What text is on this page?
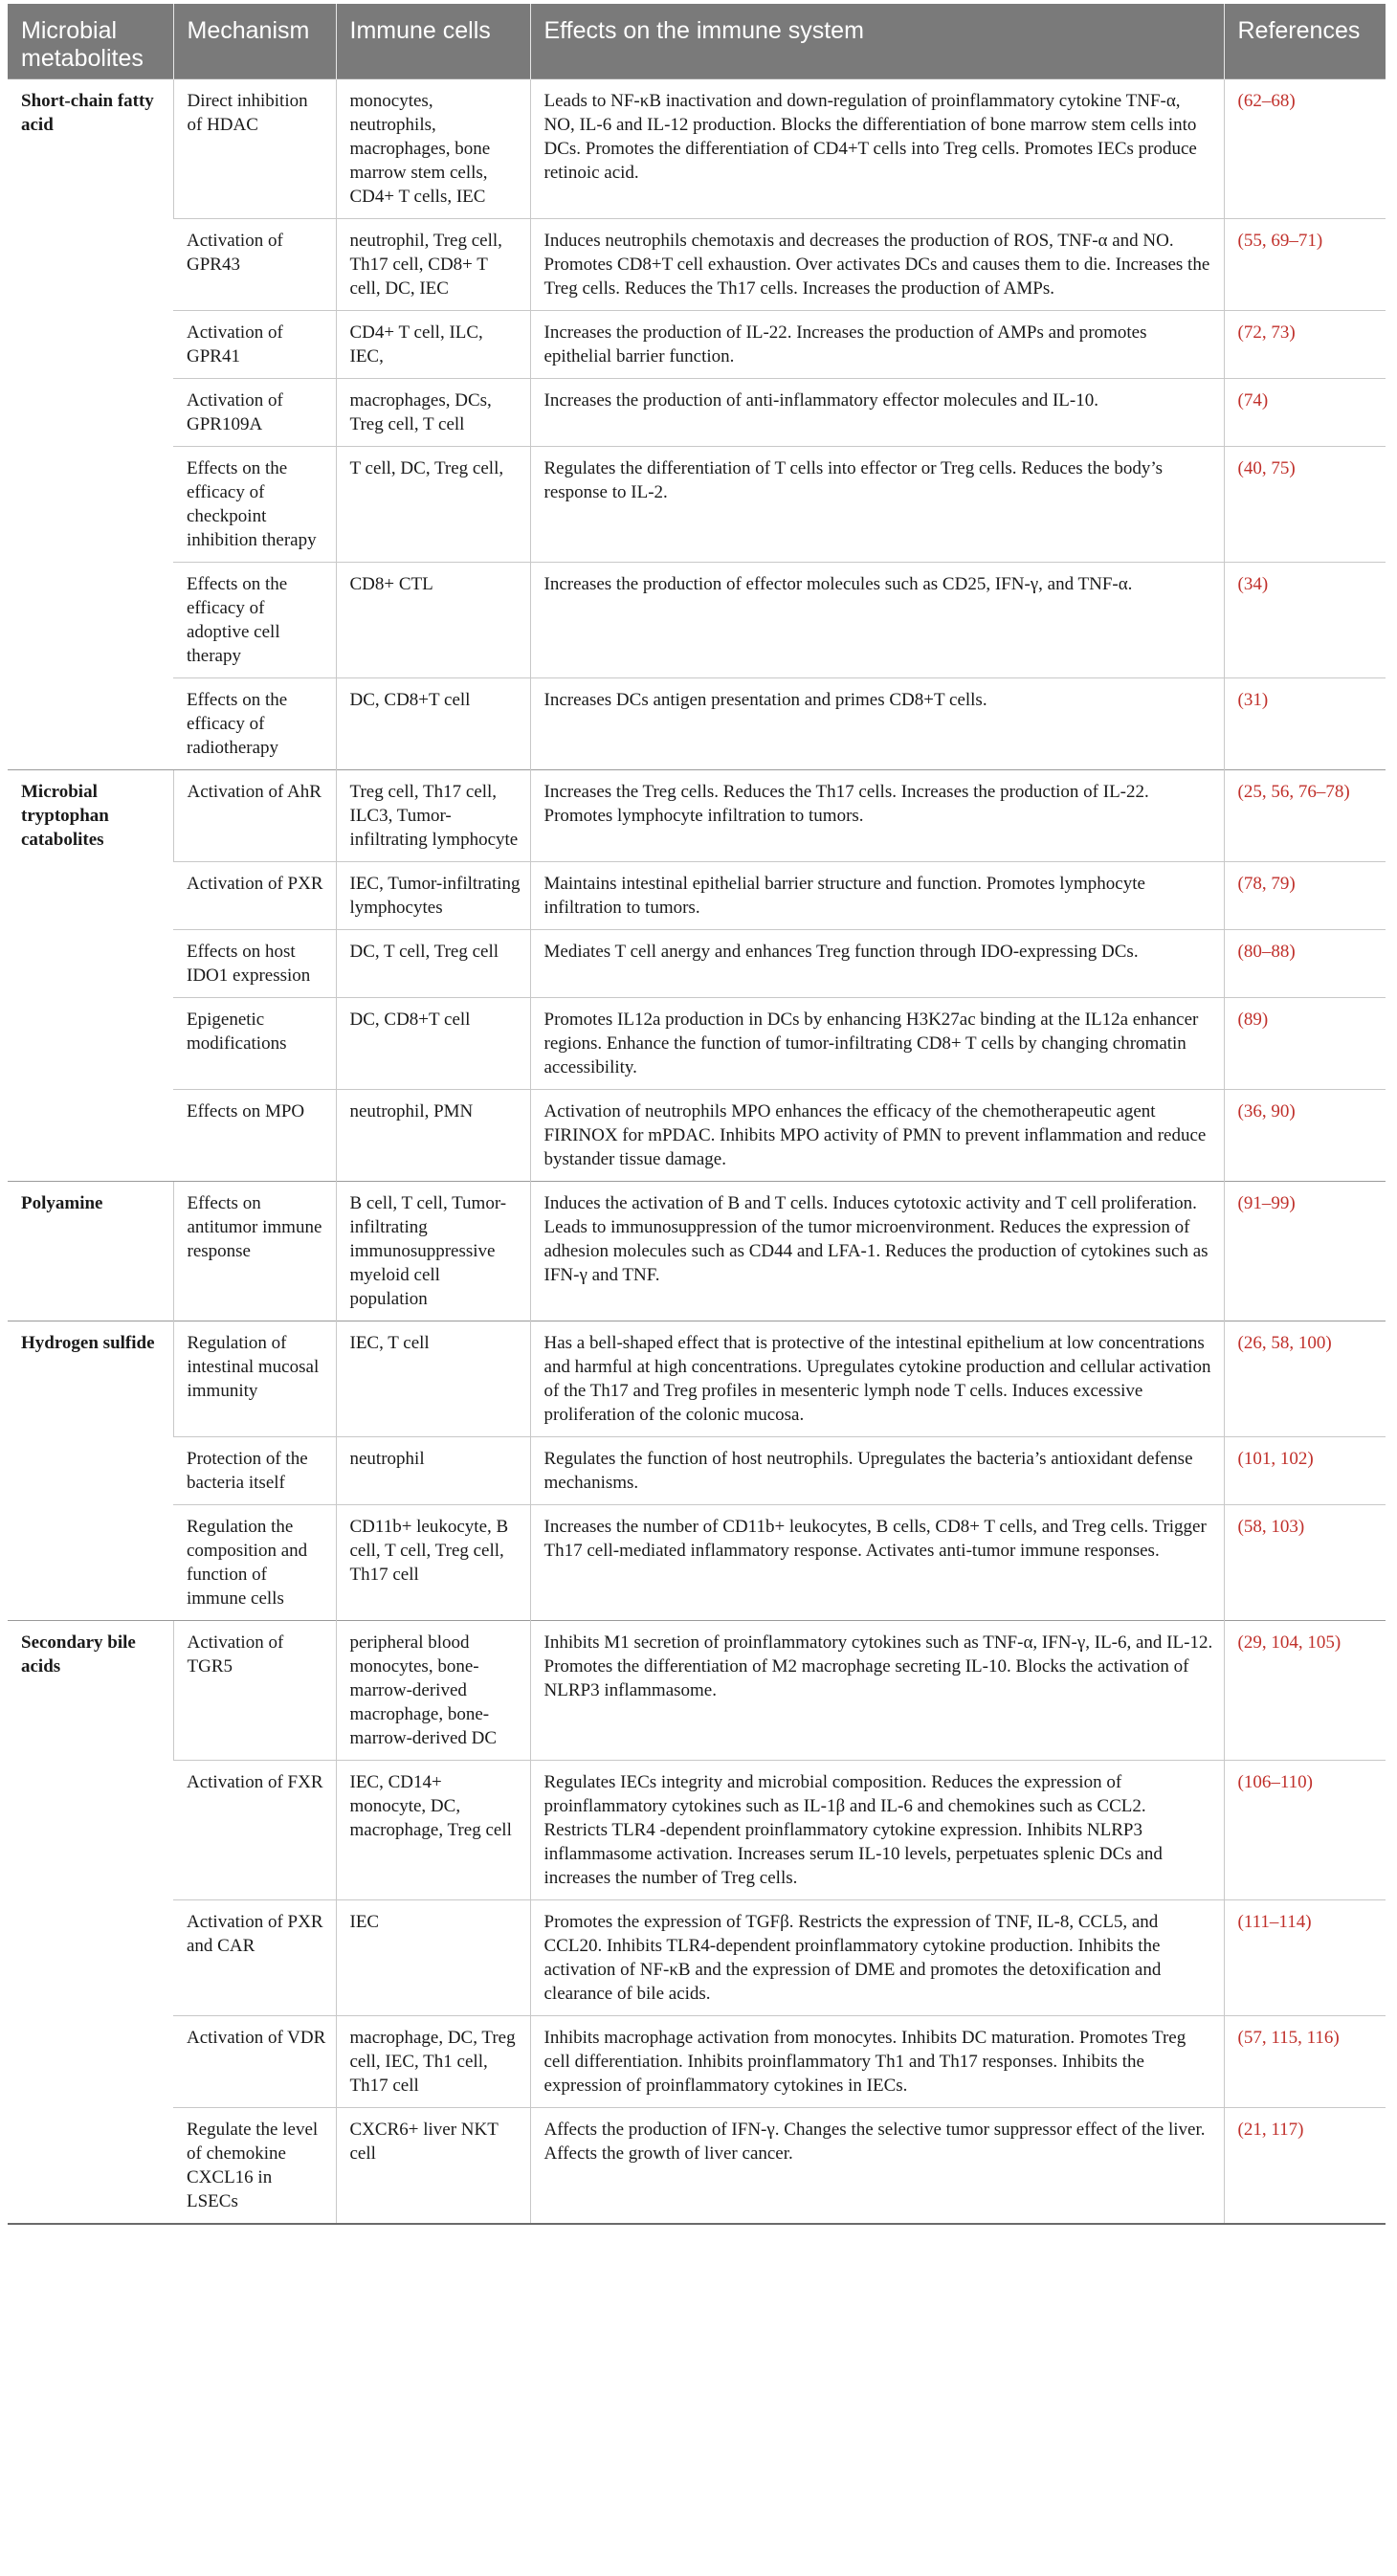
Microbial metabolites	Mechanism	Immune cells	Effects on the immune system	References
Short-chain fatty acid	Direct inhibition of HDAC	monocytes, neutrophils, macrophages, bone marrow stem cells, CD4+ T cells, IEC	Leads to NF-κB inactivation and down-regulation of proinflammatory cytokine TNF-α, NO, IL-6 and IL-12 production. Blocks the differentiation of bone marrow stem cells into DCs. Promotes the differentiation of CD4+T cells into Treg cells. Promotes IECs produce retinoic acid.	(62–68)
	Activation of GPR43	neutrophil, Treg cell, Th17 cell, CD8+ T cell, DC, IEC	Induces neutrophils chemotaxis and decreases the production of ROS, TNF-α and NO. Promotes CD8+T cell exhaustion. Over activates DCs and causes them to die. Increases the Treg cells. Reduces the Th17 cells. Increases the production of AMPs.	(55, 69–71)
	Activation of GPR41	CD4+ T cell, ILC, IEC,	Increases the production of IL-22. Increases the production of AMPs and promotes epithelial barrier function.	(72, 73)
	Activation of GPR109A	macrophages, DCs, Treg cell, T cell	Increases the production of anti-inflammatory effector molecules and IL-10.	(74)
	Effects on the efficacy of checkpoint inhibition therapy	T cell, DC, Treg cell,	Regulates the differentiation of T cells into effector or Treg cells. Reduces the body’s response to IL-2.	(40, 75)
	Effects on the efficacy of adoptive cell therapy	CD8+ CTL	Increases the production of effector molecules such as CD25, IFN-γ, and TNF-α.	(34)
	Effects on the efficacy of radiotherapy	DC, CD8+T cell	Increases DCs antigen presentation and primes CD8+T cells.	(31)
Microbial tryptophan catabolites	Activation of AhR	Treg cell, Th17 cell, ILC3, Tumor-infiltrating lymphocyte	Increases the Treg cells. Reduces the Th17 cells. Increases the production of IL-22. Promotes lymphocyte infiltration to tumors.	(25, 56, 76–78)
	Activation of PXR	IEC, Tumor-infiltrating lymphocytes	Maintains intestinal epithelial barrier structure and function. Promotes lymphocyte infiltration to tumors.	(78, 79)
	Effects on host IDO1 expression	DC, T cell, Treg cell	Mediates T cell anergy and enhances Treg function through IDO-expressing DCs.	(80–88)
	Epigenetic modifications	DC, CD8+T cell	Promotes IL12a production in DCs by enhancing H3K27ac binding at the IL12a enhancer regions. Enhance the function of tumor-infiltrating CD8+ T cells by changing chromatin accessibility.	(89)
	Effects on MPO	neutrophil, PMN	Activation of neutrophils MPO enhances the efficacy of the chemotherapeutic agent FIRINOX for mPDAC. Inhibits MPO activity of PMN to prevent inflammation and reduce bystander tissue damage.	(36, 90)
Polyamine	Effects on antitumor immune response	B cell, T cell, Tumor-infiltrating immunosuppressive myeloid cell population	Induces the activation of B and T cells. Induces cytotoxic activity and T cell proliferation. Leads to immunosuppression of the tumor microenvironment. Reduces the expression of adhesion molecules such as CD44 and LFA-1. Reduces the production of cytokines such as IFN-γ and TNF.	(91–99)
Hydrogen sulfide	Regulation of intestinal mucosal immunity	IEC, T cell	Has a bell-shaped effect that is protective of the intestinal epithelium at low concentrations and harmful at high concentrations. Upregulates cytokine production and cellular activation of the Th17 and Treg profiles in mesenteric lymph node T cells. Induces excessive proliferation of the colonic mucosa.	(26, 58, 100)
	Protection of the bacteria itself	neutrophil	Regulates the function of host neutrophils. Upregulates the bacteria’s antioxidant defense mechanisms.	(101, 102)
	Regulation the composition and function of immune cells	CD11b+ leukocyte, B cell, T cell, Treg cell, Th17 cell	Increases the number of CD11b+ leukocytes, B cells, CD8+ T cells, and Treg cells. Trigger Th17 cell-mediated inflammatory response. Activates anti-tumor immune responses.	(58, 103)
Secondary bile acids	Activation of TGR5	peripheral blood monocytes, bone-marrow-derived macrophage, bone-marrow-derived DC	Inhibits M1 secretion of proinflammatory cytokines such as TNF-α, IFN-γ, IL-6, and IL-12. Promotes the differentiation of M2 macrophage secreting IL-10. Blocks the activation of NLRP3 inflammasome.	(29, 104, 105)
	Activation of FXR	IEC, CD14+ monocyte, DC, macrophage, Treg cell	Regulates IECs integrity and microbial composition. Reduces the expression of proinflammatory cytokines such as IL-1β and IL-6 and chemokines such as CCL2. Restricts TLR4 -dependent proinflammatory cytokine expression. Inhibits NLRP3 inflammasome activation. Increases serum IL-10 levels, perpetuates splenic DCs and increases the number of Treg cells.	(106–110)
	Activation of PXR and CAR	IEC	Promotes the expression of TGFβ. Restricts the expression of TNF, IL-8, CCL5, and CCL20. Inhibits TLR4-dependent proinflammatory cytokine production. Inhibits the activation of NF-κB and the expression of DME and promotes the detoxification and clearance of bile acids.	(111–114)
	Activation of VDR	macrophage, DC, Treg cell, IEC, Th1 cell, Th17 cell	Inhibits macrophage activation from monocytes. Inhibits DC maturation. Promotes Treg cell differentiation. Inhibits proinflammatory Th1 and Th17 responses. Inhibits the expression of proinflammatory cytokines in IECs.	(57, 115, 116)
	Regulate the level of chemokine CXCL16 in LSECs	CXCR6+ liver NKT cell	Affects the production of IFN-γ. Changes the selective tumor suppressor effect of the liver. Affects the growth of liver cancer.	(21, 117)
